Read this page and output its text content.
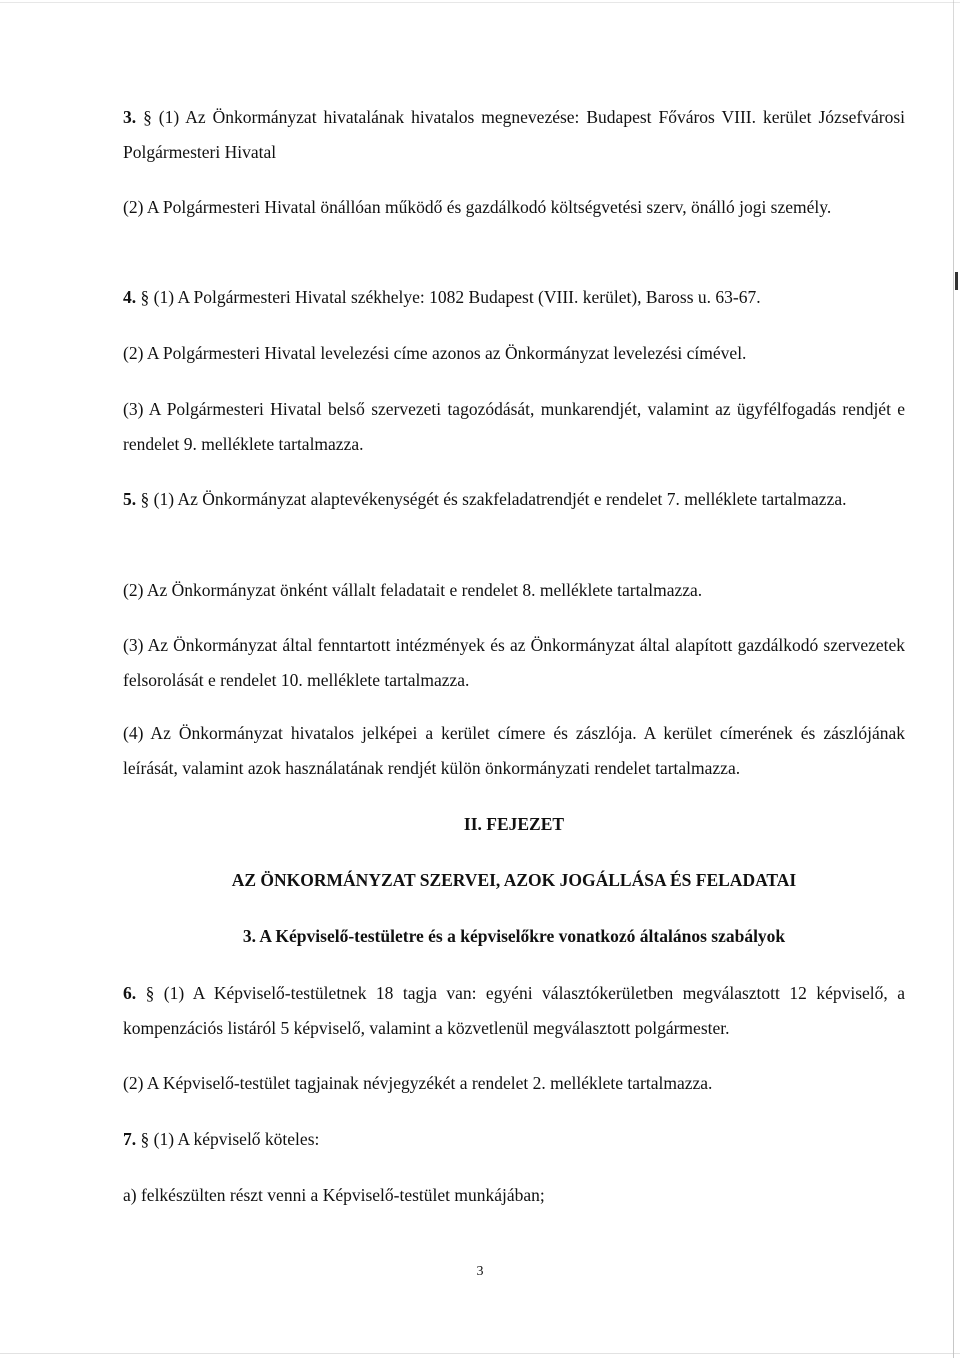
3. § (1) Az Önkormányzat hivatalának hivatalos megnevezése: Budapest Főváros VIII. kerület Józsefvárosi Polgármesteri Hivatal

(2) A Polgármesteri Hivatal önállóan működő és gazdálkodó költségvetési szerv, önálló jogi személy.

4. § (1) A Polgármesteri Hivatal székhelye: 1082 Budapest (VIII. kerület), Baross u. 63-67.

(2) A Polgármesteri Hivatal levelezési címe azonos az Önkormányzat levelezési címével.

(3) A Polgármesteri Hivatal belső szervezeti tagozódását, munkarendjét, valamint az ügyfélfogadás rendjét e rendelet 9. melléklete tartalmazza.

5. § (1) Az Önkormányzat alaptevékenységét és szakfeladatrendjét e rendelet 7. melléklete tartalmazza.

(2) Az Önkormányzat önként vállalt feladatait e rendelet 8. melléklete tartalmazza.

(3) Az Önkormányzat által fenntartott intézmények és az Önkormányzat által alapított gazdálkodó szervezetek felsorolását e rendelet 10. melléklete tartalmazza.

(4) Az Önkormányzat hivatalos jelképei a kerület címere és zászlója. A kerület címerének és zászlójának leírását, valamint azok használatának rendjét külön önkormányzati rendelet tartalmazza.

II. FEJEZET
AZ ÖNKORMÁNYZAT SZERVEI, AZOK JOGÁLLÁSA ÉS FELADATAI
3. A Képviselő-testületre és a képviselőkre vonatkozó általános szabályok

6. § (1) A Képviselő-testületnek 18 tagja van: egyéni választókerületben megválasztott 12 képviselő, a kompenzációs listáról 5 képviselő, valamint a közvetlenül megválasztott polgármester.

(2) A Képviselő-testület tagjainak névjegyzékét a rendelet 2. melléklete tartalmazza.

7. § (1) A képviselő köteles:

a) felkészülten részt venni a Képviselő-testület munkájában;

3
